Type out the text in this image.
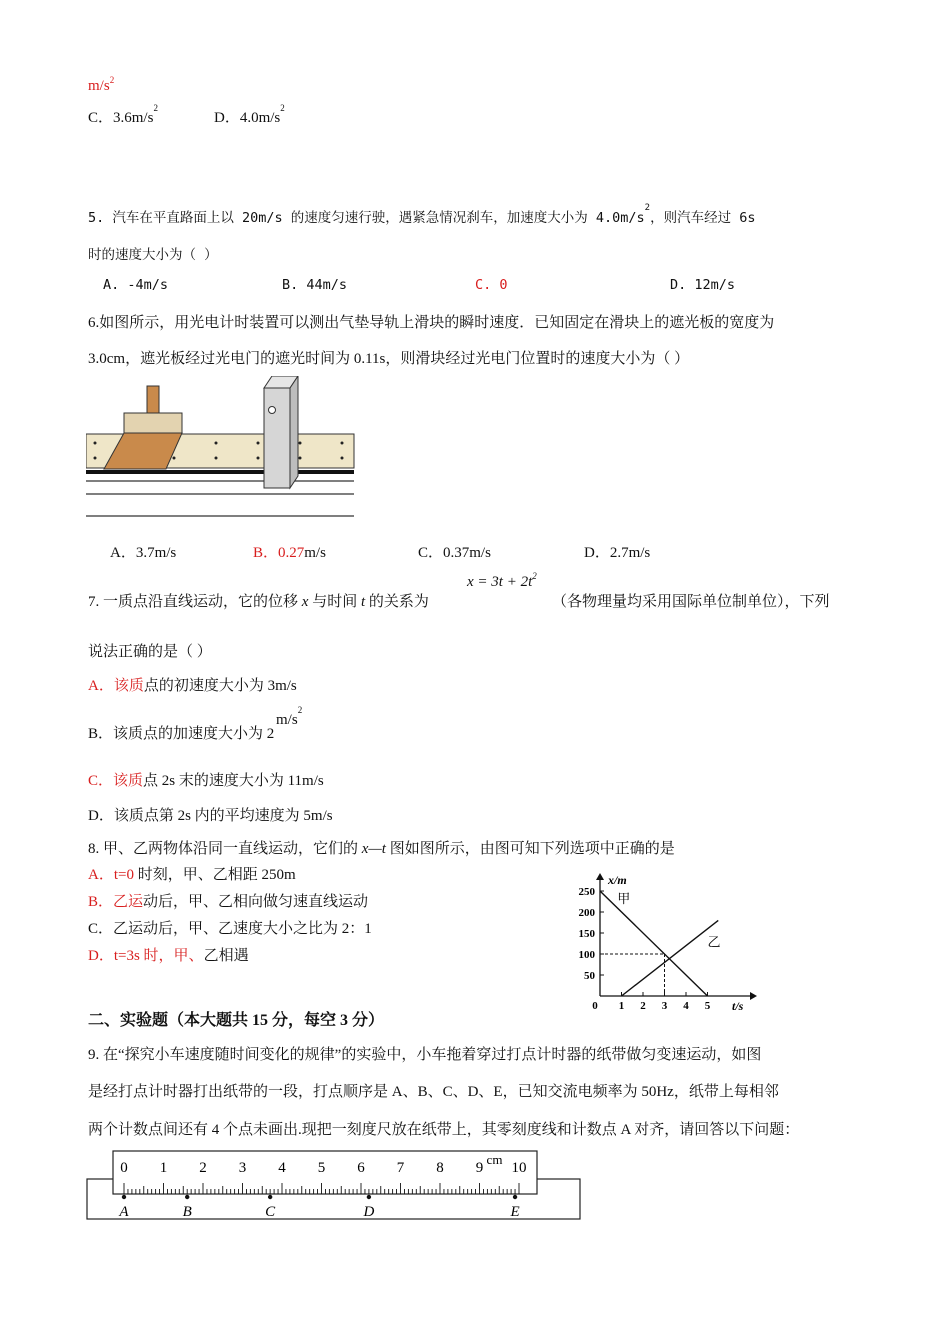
$m/s^2$
C．$3.6m/s^2$
D．$4.0m/s^2$
5. 汽车在平直路面上以 20m/s 的速度匀速行驶，遇紧急情况刹车，加速度大小为 $4.0m/s^2$，则汽车经过 6s
时的速度大小为（ ）
A. -4m/s	B. 44m/s	C. 0	D. 12m/s
6.如图所示，用光电计时装置可以测出气垫导轨上滑块的瞬时速度．已知固定在滑块上的遮光板的宽度为
3.0cm，遮光板经过光电门的遮光时间为 0.11s，则滑块经过光电门位置时的速度大小为（ ）
A．3.7m/s	B．0.27m/s	C．0.37m/s	D．2.7m/s
7. 一质点沿直线运动，它的位移 x 与时间 t 的关系为
$x = 3t + 2t^2$
（各物理量均采用国际单位制单位），下列
说法正确的是（ ）
A．该质点的初速度大小为 3m/s
B．该质点的加速度大小为 2 $m/s^2$
C．该质点 2s 末的速度大小为 11m/s
D．该质点第 2s 内的平均速度为 5m/s
8. 甲、乙两物体沿同一直线运动，它们的 x—t 图如图所示，由图可知下列选项中正确的是
A．t=0 时刻，甲、乙相距 250m
B．乙运动后，甲、乙相向做匀速直线运动
C．乙运动后，甲、乙速度大小之比为 2：1
D．t=3s 时，甲、乙相遇
x/m
t/s
50
100
150
200
250
0 1 2 3 4 5
甲
乙
二、实验题（本大题共 15 分，每空 3 分）
9. 在“探究小车速度随时间变化的规律”的实验中，小车拖着穿过打点计时器的纸带做匀变速运动，如图
是经打点计时器打出纸带的一段，打点顺序是 A、B、C、D、E，已知交流电频率为 50Hz，纸带上每相邻
两个计数点间还有 4 个点未画出.现把一刻度尺放在纸带上，其零刻度线和计数点 A 对齐，请回答以下问题：
0 1 2 3 4 5 6 7 8 9 10
cm
A	B	C	D	E
